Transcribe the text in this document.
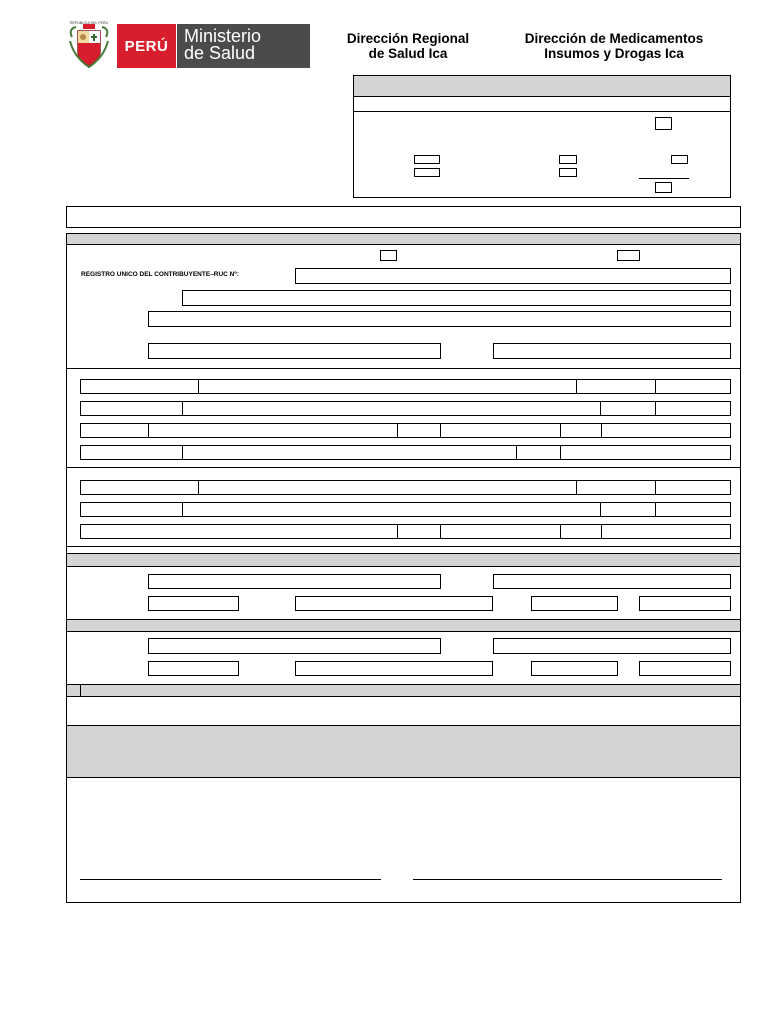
REPÚBLICA DEL PERÚ
PERÚ Ministerio
de Salud
Dirección Regional
de Salud Ica
Dirección de Medicamentos
Insumos y Drogas Ica
REGISTRO UNICO DEL CONTRIBUYENTE–RUC Nº:
